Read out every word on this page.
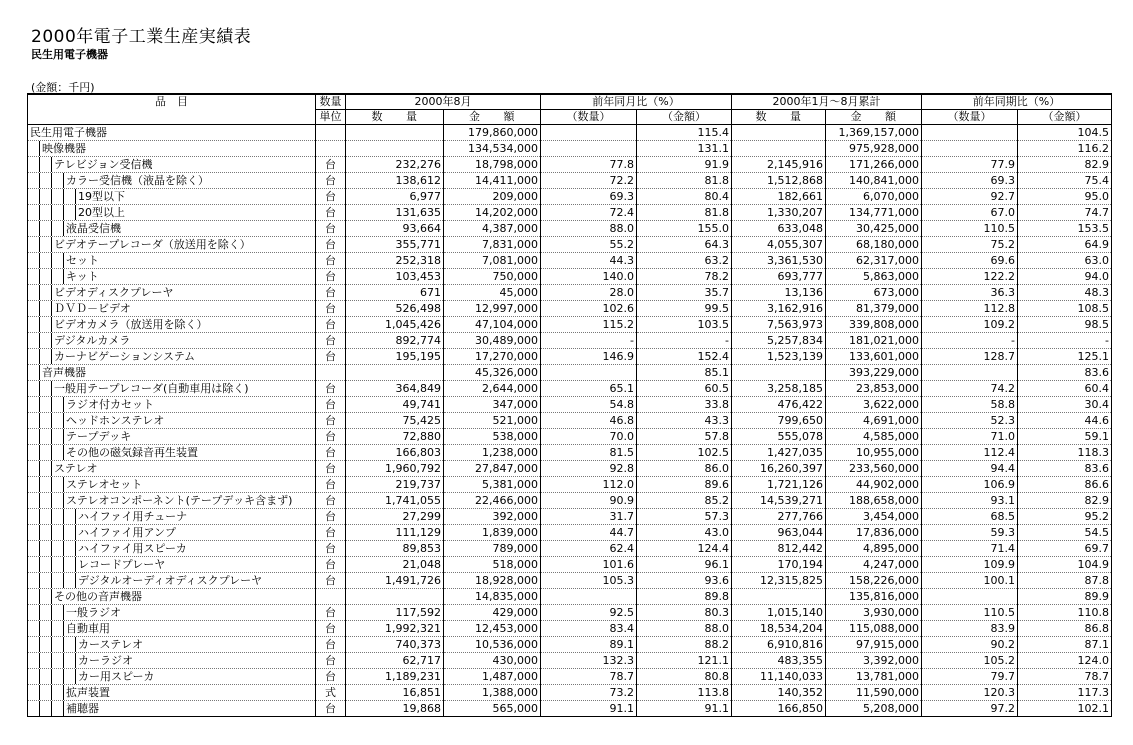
2000年電子工業生産実績表
民生用電子機器
(金額：千円)
品　目	数量	2000年8月		前年同月比（%）		2000年1月～8月累計		前年同期比（%）	
	単位	数　　量	金　　額	（数量）	（金額）	数　　量	金　　額	（数量）	（金額）

民生用電子機器			179,860,000		115.4		1,369,157,000		104.5

映像機器			134,534,000		131.1		975,928,000		116.2

テレビジョン受信機	台	232,276	18,798,000	77.8	91.9	2,145,916	171,266,000	77.9	82.9

カラー受信機（液晶を除く）	台	138,612	14,411,000	72.2	81.8	1,512,868	140,841,000	69.3	75.4

19型以下	台	6,977	209,000	69.3	80.4	182,661	6,070,000	92.7	95.0

20型以上	台	131,635	14,202,000	72.4	81.8	1,330,207	134,771,000	67.0	74.7

液晶受信機	台	93,664	4,387,000	88.0	155.0	633,048	30,425,000	110.5	153.5

ビデオテープレコーダ（放送用を除く）	台	355,771	7,831,000	55.2	64.3	4,055,307	68,180,000	75.2	64.9

セット	台	252,318	7,081,000	44.3	63.2	3,361,530	62,317,000	69.6	63.0

キット	台	103,453	750,000	140.0	78.2	693,777	5,863,000	122.2	94.0

ビデオディスクプレーヤ	台	671	45,000	28.0	35.7	13,136	673,000	36.3	48.3

ＤＶＤ－ビデオ	台	526,498	12,997,000	102.6	99.5	3,162,916	81,379,000	112.8	108.5

ビデオカメラ（放送用を除く）	台	1,045,426	47,104,000	115.2	103.5	7,563,973	339,808,000	109.2	98.5

デジタルカメラ	台	892,774	30,489,000	-	-	5,257,834	181,021,000	-	-

カーナビゲーションシステム	台	195,195	17,270,000	146.9	152.4	1,523,139	133,601,000	128.7	125.1

音声機器			45,326,000		85.1		393,229,000		83.6

一般用テープレコーダ(自動車用は除く)	台	364,849	2,644,000	65.1	60.5	3,258,185	23,853,000	74.2	60.4

ラジオ付カセット	台	49,741	347,000	54.8	33.8	476,422	3,622,000	58.8	30.4

ヘッドホンステレオ	台	75,425	521,000	46.8	43.3	799,650	4,691,000	52.3	44.6

テープデッキ	台	72,880	538,000	70.0	57.8	555,078	4,585,000	71.0	59.1

その他の磁気録音再生装置	台	166,803	1,238,000	81.5	102.5	1,427,035	10,955,000	112.4	118.3

ステレオ	台	1,960,792	27,847,000	92.8	86.0	16,260,397	233,560,000	94.4	83.6

ステレオセット	台	219,737	5,381,000	112.0	89.6	1,721,126	44,902,000	106.9	86.6

ステレオコンポーネント(テープデッキ含まず)	台	1,741,055	22,466,000	90.9	85.2	14,539,271	188,658,000	93.1	82.9

ハイファイ用チューナ	台	27,299	392,000	31.7	57.3	277,766	3,454,000	68.5	95.2

ハイファイ用アンプ	台	111,129	1,839,000	44.7	43.0	963,044	17,836,000	59.3	54.5

ハイファイ用スピーカ	台	89,853	789,000	62.4	124.4	812,442	4,895,000	71.4	69.7

レコードプレーヤ	台	21,048	518,000	101.6	96.1	170,194	4,247,000	109.9	104.9

デジタルオーディオディスクプレーヤ	台	1,491,726	18,928,000	105.3	93.6	12,315,825	158,226,000	100.1	87.8

その他の音声機器			14,835,000		89.8		135,816,000		89.9

一般ラジオ	台	117,592	429,000	92.5	80.3	1,015,140	3,930,000	110.5	110.8

自動車用	台	1,992,321	12,453,000	83.4	88.0	18,534,204	115,088,000	83.9	86.8

カーステレオ	台	740,373	10,536,000	89.1	88.2	6,910,816	97,915,000	90.2	87.1

カーラジオ	台	62,717	430,000	132.3	121.1	483,355	3,392,000	105.2	124.0

カー用スピーカ	台	1,189,231	1,487,000	78.7	80.8	11,140,033	13,781,000	79.7	78.7

拡声装置	式	16,851	1,388,000	73.2	113.8	140,352	11,590,000	120.3	117.3

補聴器	台	19,868	565,000	91.1	91.1	166,850	5,208,000	97.2	102.1
